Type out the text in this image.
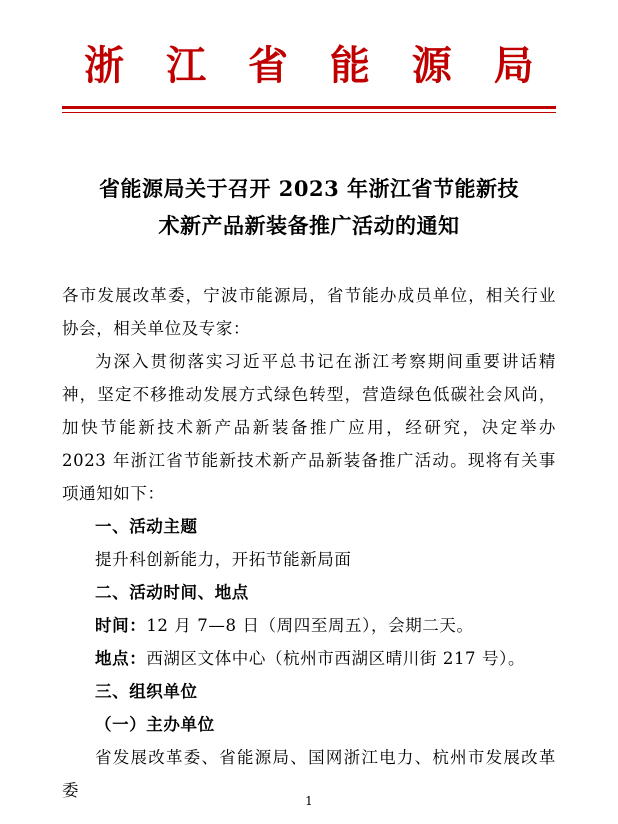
浙 江 省 能 源 局
省能源局关于召开 2023 年浙江省节能新技
术新产品新装备推广活动的通知

各市发展改革委，宁波市能源局，省节能办成员单位，相关行业协会，相关单位及专家：

为深入贯彻落实习近平总书记在浙江考察期间重要讲话精神，坚定不移推动发展方式绿色转型，营造绿色低碳社会风尚，加快节能新技术新产品新装备推广应用，经研究，决定举办 2023 年浙江省节能新技术新产品新装备推广活动。现将有关事项通知如下：

一、活动主题

提升科创新能力，开拓节能新局面

二、活动时间、地点

时间：12 月 7—8 日（周四至周五），会期二天。

地点：西湖区文体中心（杭州市西湖区晴川街 217 号）。

三、组织单位

（一）主办单位

省发展改革委、省能源局、国网浙江电力、杭州市发展改革委

1
